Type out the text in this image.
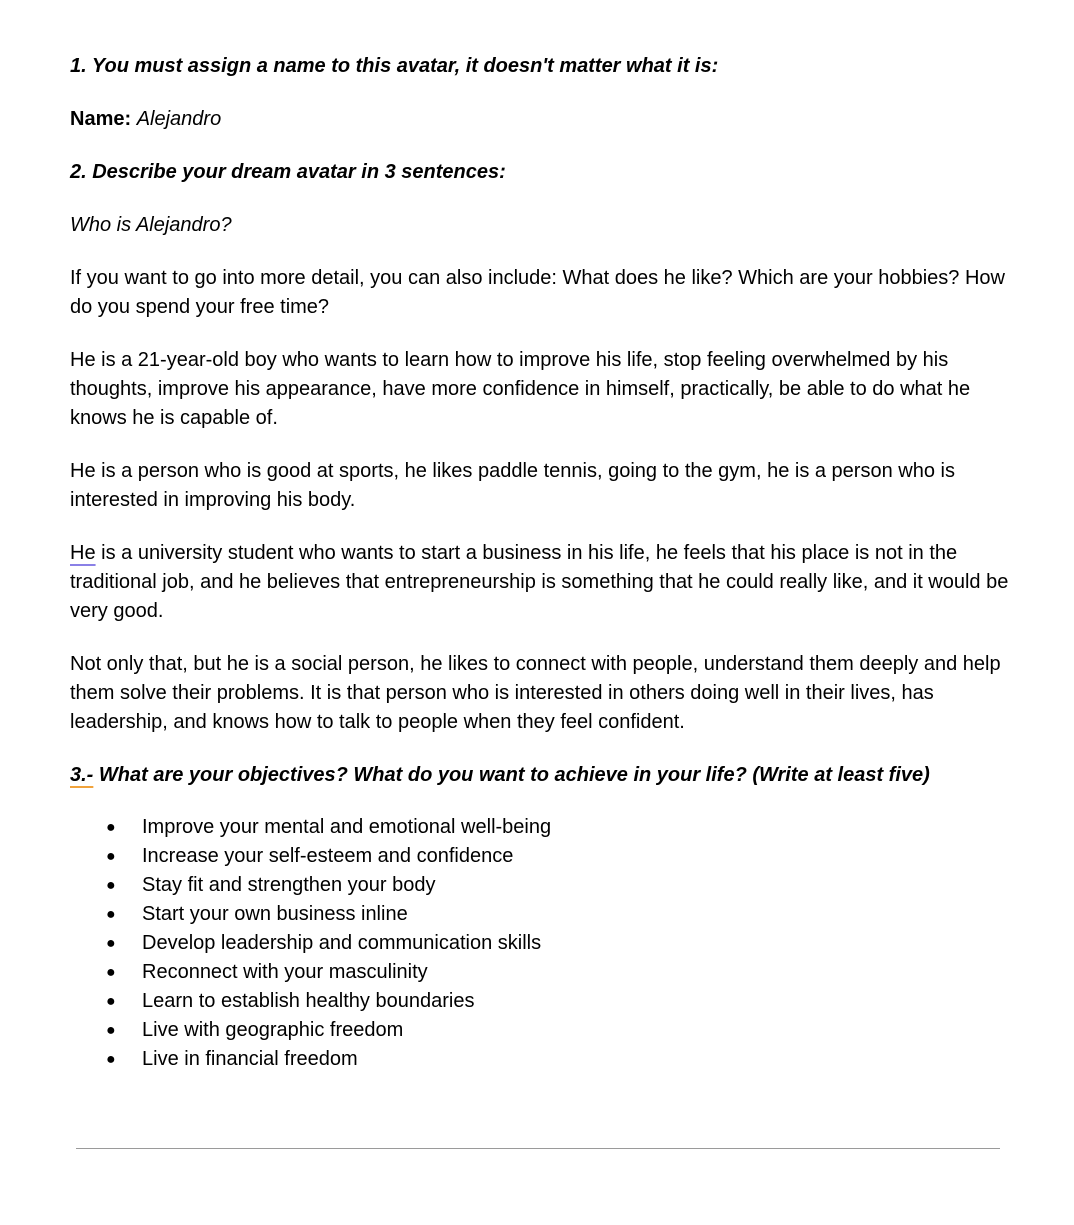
1. You must assign a name to this avatar, it doesn't matter what it is:

Name: Alejandro

2. Describe your dream avatar in 3 sentences:

Who is Alejandro?

If you want to go into more detail, you can also include: What does he like? Which are your hobbies? How do you spend your free time?

He is a 21-year-old boy who wants to learn how to improve his life, stop feeling overwhelmed by his thoughts, improve his appearance, have more confidence in himself, practically, be able to do what he knows he is capable of.

He is a person who is good at sports, he likes paddle tennis, going to the gym, he is a person who is interested in improving his body.

He is a university student who wants to start a business in his life, he feels that his place is not in the traditional job, and he believes that entrepreneurship is something that he could really like, and it would be very good.

Not only that, but he is a social person, he likes to connect with people, understand them deeply and help them solve their problems. It is that person who is interested in others doing well in their lives, has leadership, and knows how to talk to people when they feel confident.

3.- What are your objectives? What do you want to achieve in your life? (Write at least five)

● Improve your mental and emotional well-being
● Increase your self-esteem and confidence
● Stay fit and strengthen your body
● Start your own business inline
● Develop leadership and communication skills
● Reconnect with your masculinity
● Learn to establish healthy boundaries
● Live with geographic freedom
● Live in financial freedom
